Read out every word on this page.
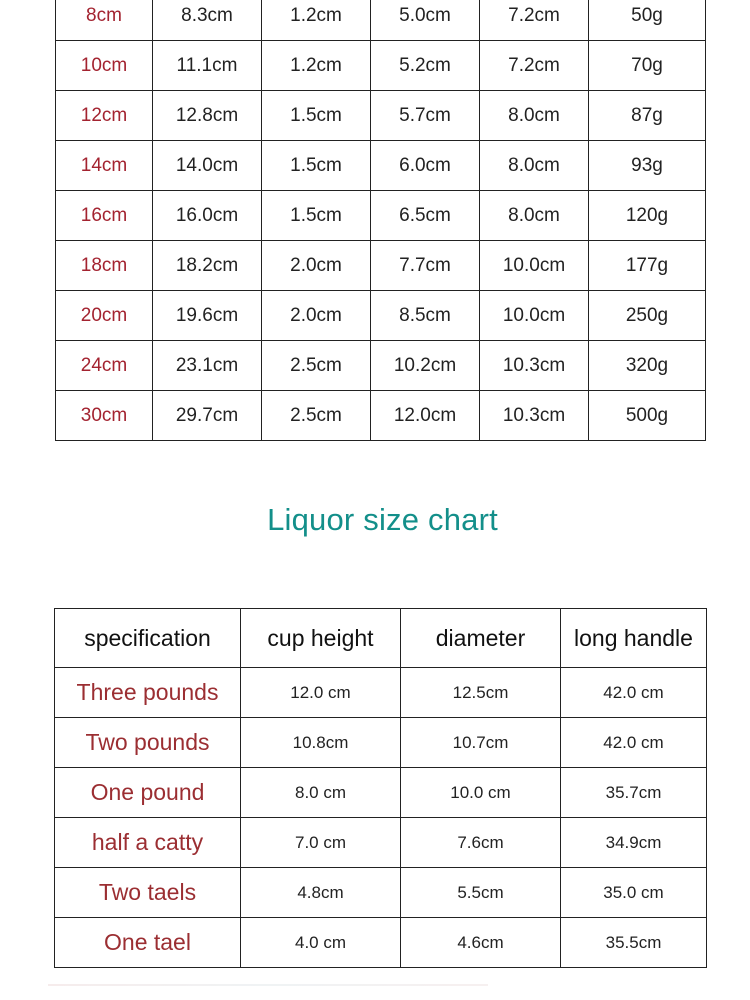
8cm	8.3cm	1.2cm	5.0cm	7.2cm	50g
10cm	11.1cm	1.2cm	5.2cm	7.2cm	70g
12cm	12.8cm	1.5cm	5.7cm	8.0cm	87g
14cm	14.0cm	1.5cm	6.0cm	8.0cm	93g
16cm	16.0cm	1.5cm	6.5cm	8.0cm	120g
18cm	18.2cm	2.0cm	7.7cm	10.0cm	177g
20cm	19.6cm	2.0cm	8.5cm	10.0cm	250g
24cm	23.1cm	2.5cm	10.2cm	10.3cm	320g
30cm	29.7cm	2.5cm	12.0cm	10.3cm	500g
Liquor size chart
specification	cup height	diameter	long handle
Three pounds	12.0 cm	12.5cm	42.0 cm
Two pounds	10.8cm	10.7cm	42.0 cm
One pound	8.0 cm	10.0 cm	35.7cm
half a catty	7.0 cm	7.6cm	34.9cm
Two taels	4.8cm	5.5cm	35.0 cm
One tael	4.0 cm	4.6cm	35.5cm
